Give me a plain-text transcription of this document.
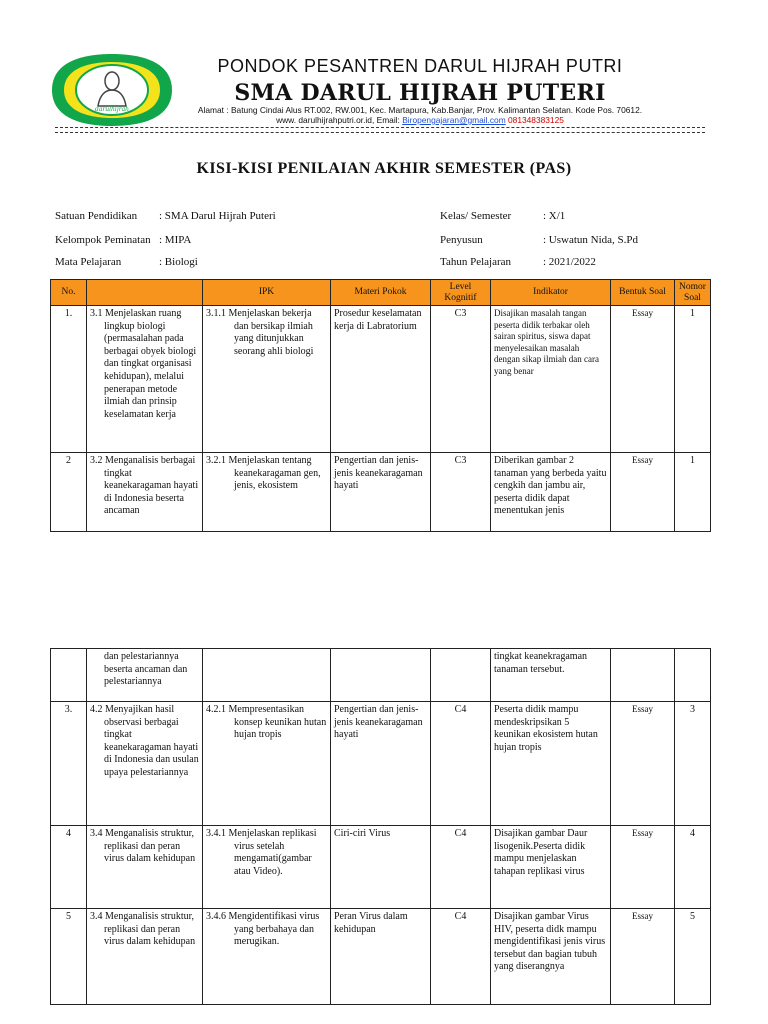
darulhijrah
PONDOK PESANTREN DARUL HIJRAH PUTRI
SMA DARUL HIJRAH PUTERI
Alamat : Batung Cindai Alus RT.002, RW.001, Kec. Martapura, Kab.Banjar, Prov. Kalimantan Selatan. Kode Pos. 70612.
www. darulhijrahputri.or.id, Email: Biropengajaran@gmail.com 081348383125
KISI-KISI PENILAIAN AKHIR SEMESTER (PAS)
Satuan Pendidikan : SMA Darul Hijrah Puteri
Kelompok Peminatan : MIPA
Mata Pelajaran	: Biologi
Kelas/ Semester	: X/1
Penyusun	: Uswatun Nida, S.Pd
Tahun Pelajaran	: 2021/2022
No.		IPK	Materi Pokok	Level Kognitif	Indikator	Bentuk Soal	Nomor Soal
1.	3.1 Menjelaskan ruang lingkup biologi (permasalahan pada berbagai obyek biologi dan tingkat organisasi kehidupan), melalui penerapan metode ilmiah dan prinsip keselamatan kerja	3.1.1 Menjelaskan bekerja dan bersikap ilmiah yang ditunjukkan seorang ahli biologi	Prosedur keselamatan kerja di Labratorium	C3	Disajikan masalah tangan peserta didik terbakar oleh sairan spiritus, siswa dapat menyelesaikan masalah dengan sikap ilmiah dan cara yang benar	Essay	1
2	3.2 Menganalisis berbagai tingkat keanekaragaman hayati di Indonesia beserta ancaman	3.2.1 Menjelaskan tentang keanekaragaman gen, jenis, ekosistem	Pengertian dan jenis-jenis keanekaragaman hayati	C3	Diberikan gambar 2 tanaman yang berbeda yaitu cengkih dan jambu air, peserta didik dapat menentukan jenis	Essay	1

	dan pelestariannya beserta ancaman dan pelestariannya				tingkat keanekragaman tanaman tersebut.		
3.	4.2 Menyajikan hasil observasi berbagai tingkat keanekaragaman hayati di Indonesia dan usulan upaya pelestariannya	4.2.1 Mempresentasikan konsep keunikan hutan hujan tropis	Pengertian dan jenis-jenis keanekaragaman hayati	C4	Peserta didik mampu mendeskripsikan 5 keunikan ekosistem hutan hujan tropis	Essay	3
4	3.4 Menganalisis struktur, replikasi dan peran virus dalam kehidupan	3.4.1 Menjelaskan replikasi virus setelah mengamati(gambar atau Video).	Ciri-ciri Virus	C4	Disajikan gambar Daur lisogenik.Peserta didik mampu menjelaskan tahapan replikasi virus	Essay	4
5	3.4 Menganalisis struktur, replikasi dan peran virus dalam kehidupan	3.4.6 Mengidentifikasi virus yang berbahaya dan merugikan.	Peran Virus dalam kehidupan	C4	Disajikan gambar Virus HIV, peserta didk mampu mengidentifikasi jenis virus tersebut dan bagian tubuh yang diserangnya	Essay	5
